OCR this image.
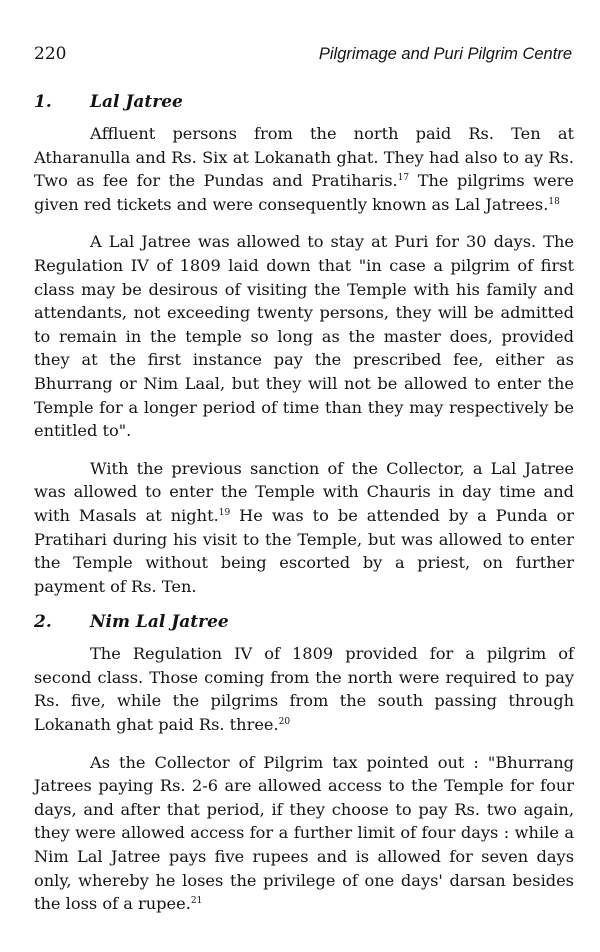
220	Pilgrimage and Puri Pilgrim Centre
1.	Lal Jatree

Affluent persons from the north paid Rs. Ten at Atharanulla and Rs. Six at Lokanath ghat. They had also to ay Rs. Two as fee for the Pundas and Pratiharis.$^{17}$ The pilgrims were given red tickets and were consequently known as Lal Jatrees.$^{18}$

A Lal Jatree was allowed to stay at Puri for 30 days. The Regulation IV of 1809 laid down that "in case a pilgrim of first class may be desirous of visiting the Temple with his family and attendants, not exceeding twenty persons, they will be admitted to remain in the temple so long as the master does, provided they at the first instance pay the prescribed fee, either as Bhurrang or Nim Laal, but they will not be allowed to enter the Temple for a longer period of time than they may respectively be entitled to".

With the previous sanction of the Collector, a Lal Jatree was allowed to enter the Temple with Chauris in day time and with Masals at night.$^{19}$ He was to be attended by a Punda or Pratihari during his visit to the Temple, but was allowed to enter the Temple without being escorted by a priest, on further payment of Rs. Ten.

2.	Nim Lal Jatree

The Regulation IV of 1809 provided for a pilgrim of second class. Those coming from the north were required to pay Rs. five, while the pilgrims from the south passing through Lokanath ghat paid Rs. three.$^{20}$

As the Collector of Pilgrim tax pointed out : "Bhurrang Jatrees paying Rs. 2-6 are allowed access to the Temple for four days, and after that period, if they choose to pay Rs. two again, they were allowed access for a further limit of four days : while a Nim Lal Jatree pays five rupees and is allowed for seven days only, whereby he loses the privilege of one days' darsan besides the loss of a rupee.$^{21}$
